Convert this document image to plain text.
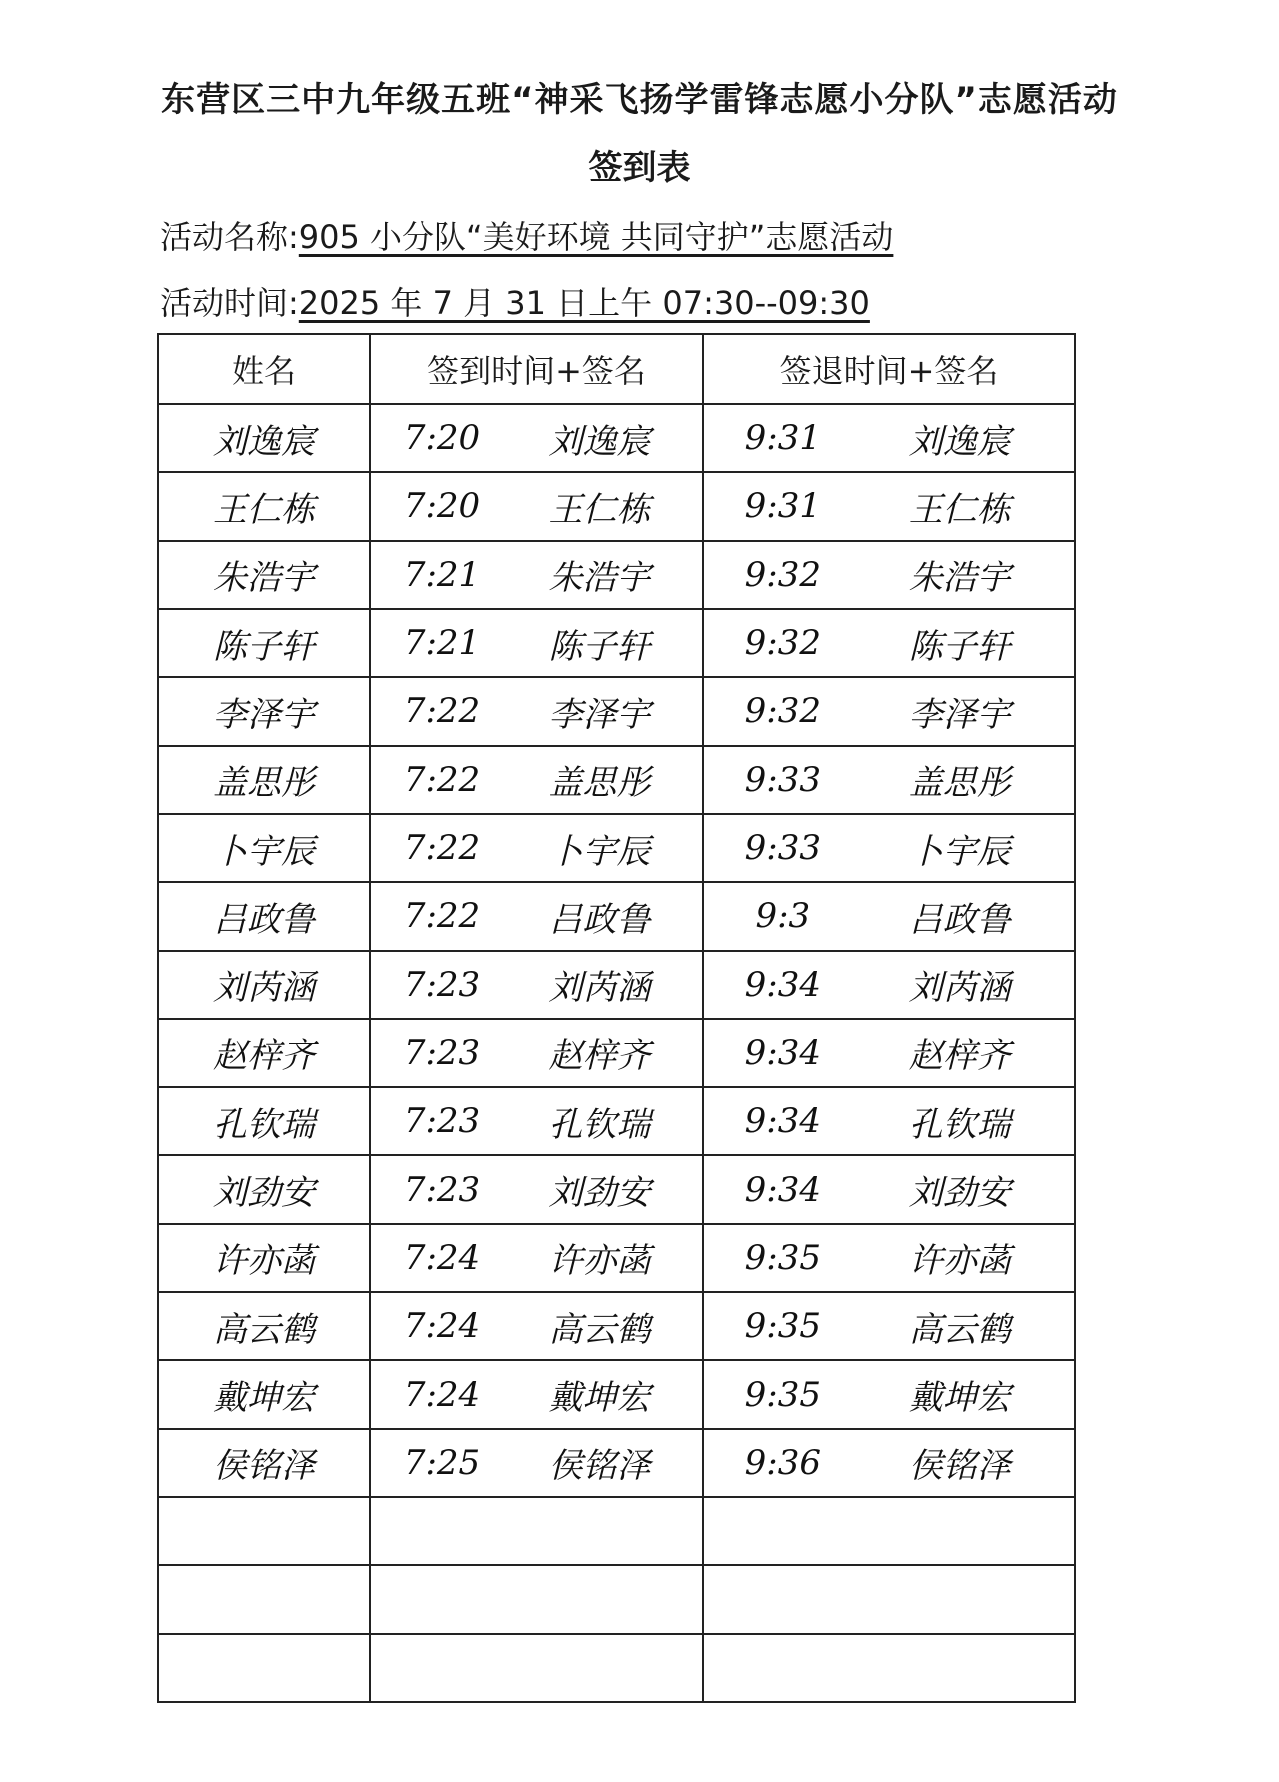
东营区三中九年级五班“神采飞扬学雷锋志愿小分队”志愿活动
签到表
活动名称:905 小分队“美好环境 共同守护”志愿活动
活动时间:2025 年 7 月 31 日上午 07:30--09:30
姓名	签到时间+签名	签退时间+签名
刘逸宸	7:20 刘逸宸	9:31 刘逸宸

王仁栋	7:20 王仁栋	9:31 王仁栋

朱浩宇	7:21 朱浩宇	9:32 朱浩宇

陈子轩	7:21 陈子轩	9:32 陈子轩

李泽宇	7:22 李泽宇	9:32 李泽宇

盖思彤	7:22 盖思彤	9:33 盖思彤

卜宇辰	7:22 卜宇辰	9:33 卜宇辰

吕政鲁	7:22 吕政鲁	9:3 吕政鲁

刘芮涵	7:23 刘芮涵	9:34 刘芮涵

赵梓齐	7:23 赵梓齐	9:34 赵梓齐

孔钦瑞	7:23 孔钦瑞	9:34 孔钦瑞

刘劲安	7:23 刘劲安	9:34 刘劲安

许亦菡	7:24 许亦菡	9:35 许亦菡

高云鹤	7:24 高云鹤	9:35 高云鹤

戴坤宏	7:24 戴坤宏	9:35 戴坤宏

侯铭泽	7:25 侯铭泽	9:36 侯铭泽
